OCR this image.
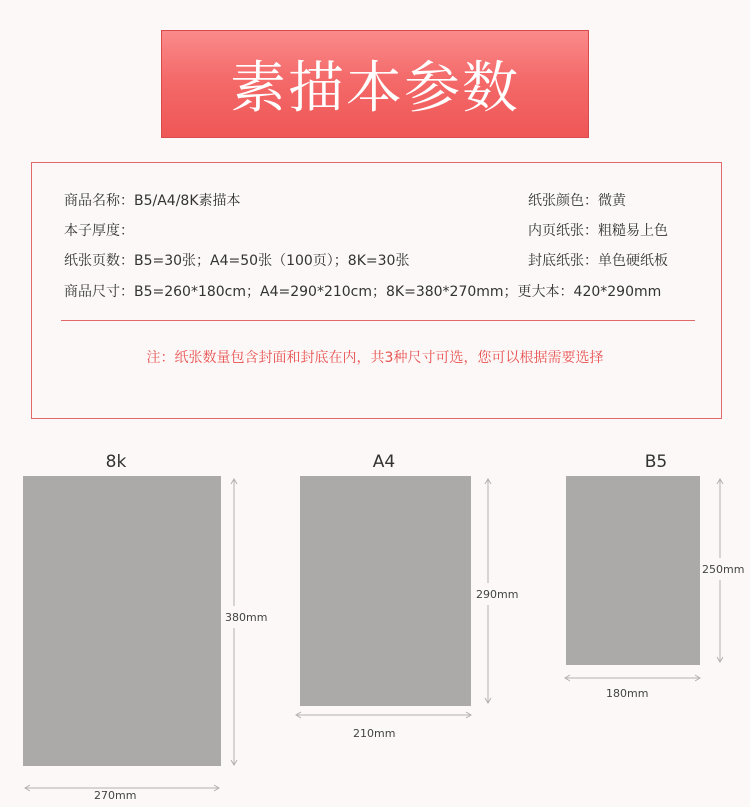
素描本参数
商品名称：B5/A4/8K素描本
本子厚度：
纸张页数：B5=30张；A4=50张（100页）；8K=30张
商品尺寸：B5=260*180cm；A4=290*210cm；8K=380*270mm；更大本：420*290mm
纸张颜色：微黄
内页纸张：粗糙易上色
封底纸张：单色硬纸板
注：纸张数量包含封面和封底在内，共3种尺寸可选，您可以根据需要选择
8k
380mm
270mm
A4
290mm
210mm
B5
250mm
180mm
